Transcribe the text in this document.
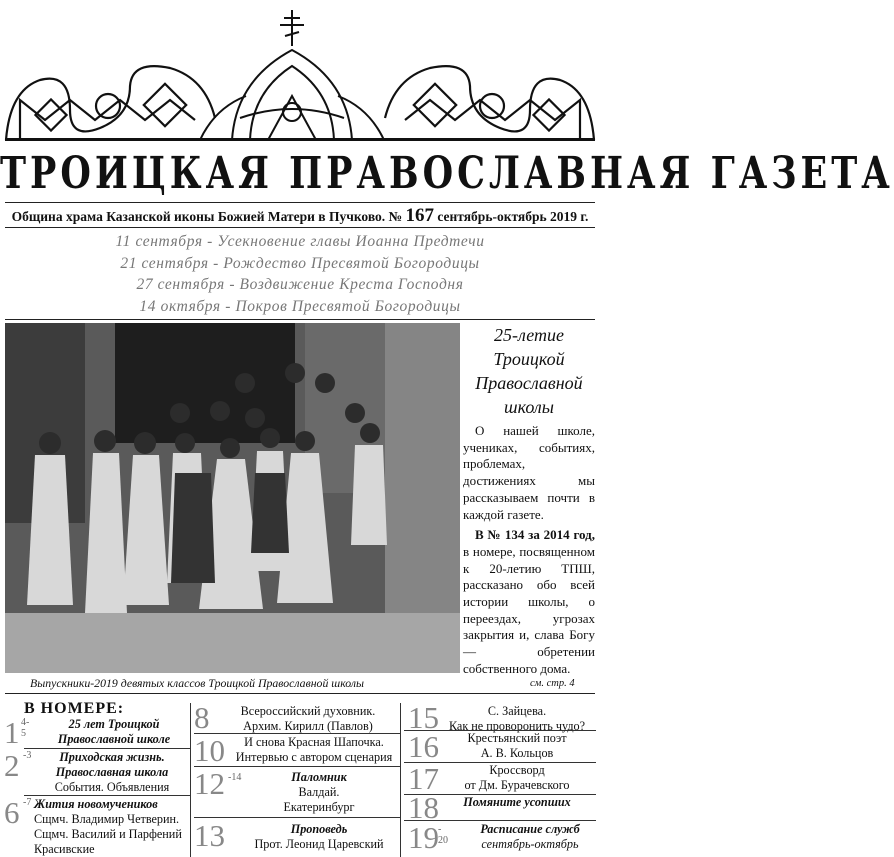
ТРОИЦКАЯ ПРАВОСЛАВНАЯ ГАЗЕТА
Община храма Казанской иконы Божией Матери в Пучково. № 167 сентябрь-октябрь 2019 г.
11 сентября - Усекновение главы Иоанна Предтечи
21 сентября - Рождество Пресвятой Богородицы
27 сентября - Воздвижение Креста Господня
14 октября - Покров Пресвятой Богородицы
Выпускники-2019 девятых классов Троицкой Православной школы	см. стр. 4
25-летие
Троицкой
Православной
школы

О нашей школе, учениках, событиях, проблемах, достижениях мы рассказываем почти в каждой газете.

В № 134 за 2014 год, в номере, посвященном к 20-летию ТПШ, рассказано обо всей истории школы, о переездах, угрозах закрытия и, слава Богу — обретении собственного дома.

В НОМЕРЕ:
1 4-5
25 лет Троицкой
Православной школе
2 -3	Приходская жизнь.
Православная школа
События. Объявления
6 -7 Жития новомучеников
Сщмч. Владимир Четверин.
Сщмч. Василий и Парфений
Красивские
8	Всероссийский духовник.
Архим. Кирилл (Павлов)
10	И снова Красная Шапочка.
Интервью с автором сценария
12 -14	Паломник
Валдай.
Екатеринбург
13	Проповедь
Прот. Леонид Царевский
15	С. Зайцева.
Как не проворонить чудо?
16	Крестьянский поэт
А. В. Кольцов
17	Кроссворд
от Дм. Бурачевского
18	Помяните усопших
19 - 20
Расписание служб
сентябрь-октябрь
